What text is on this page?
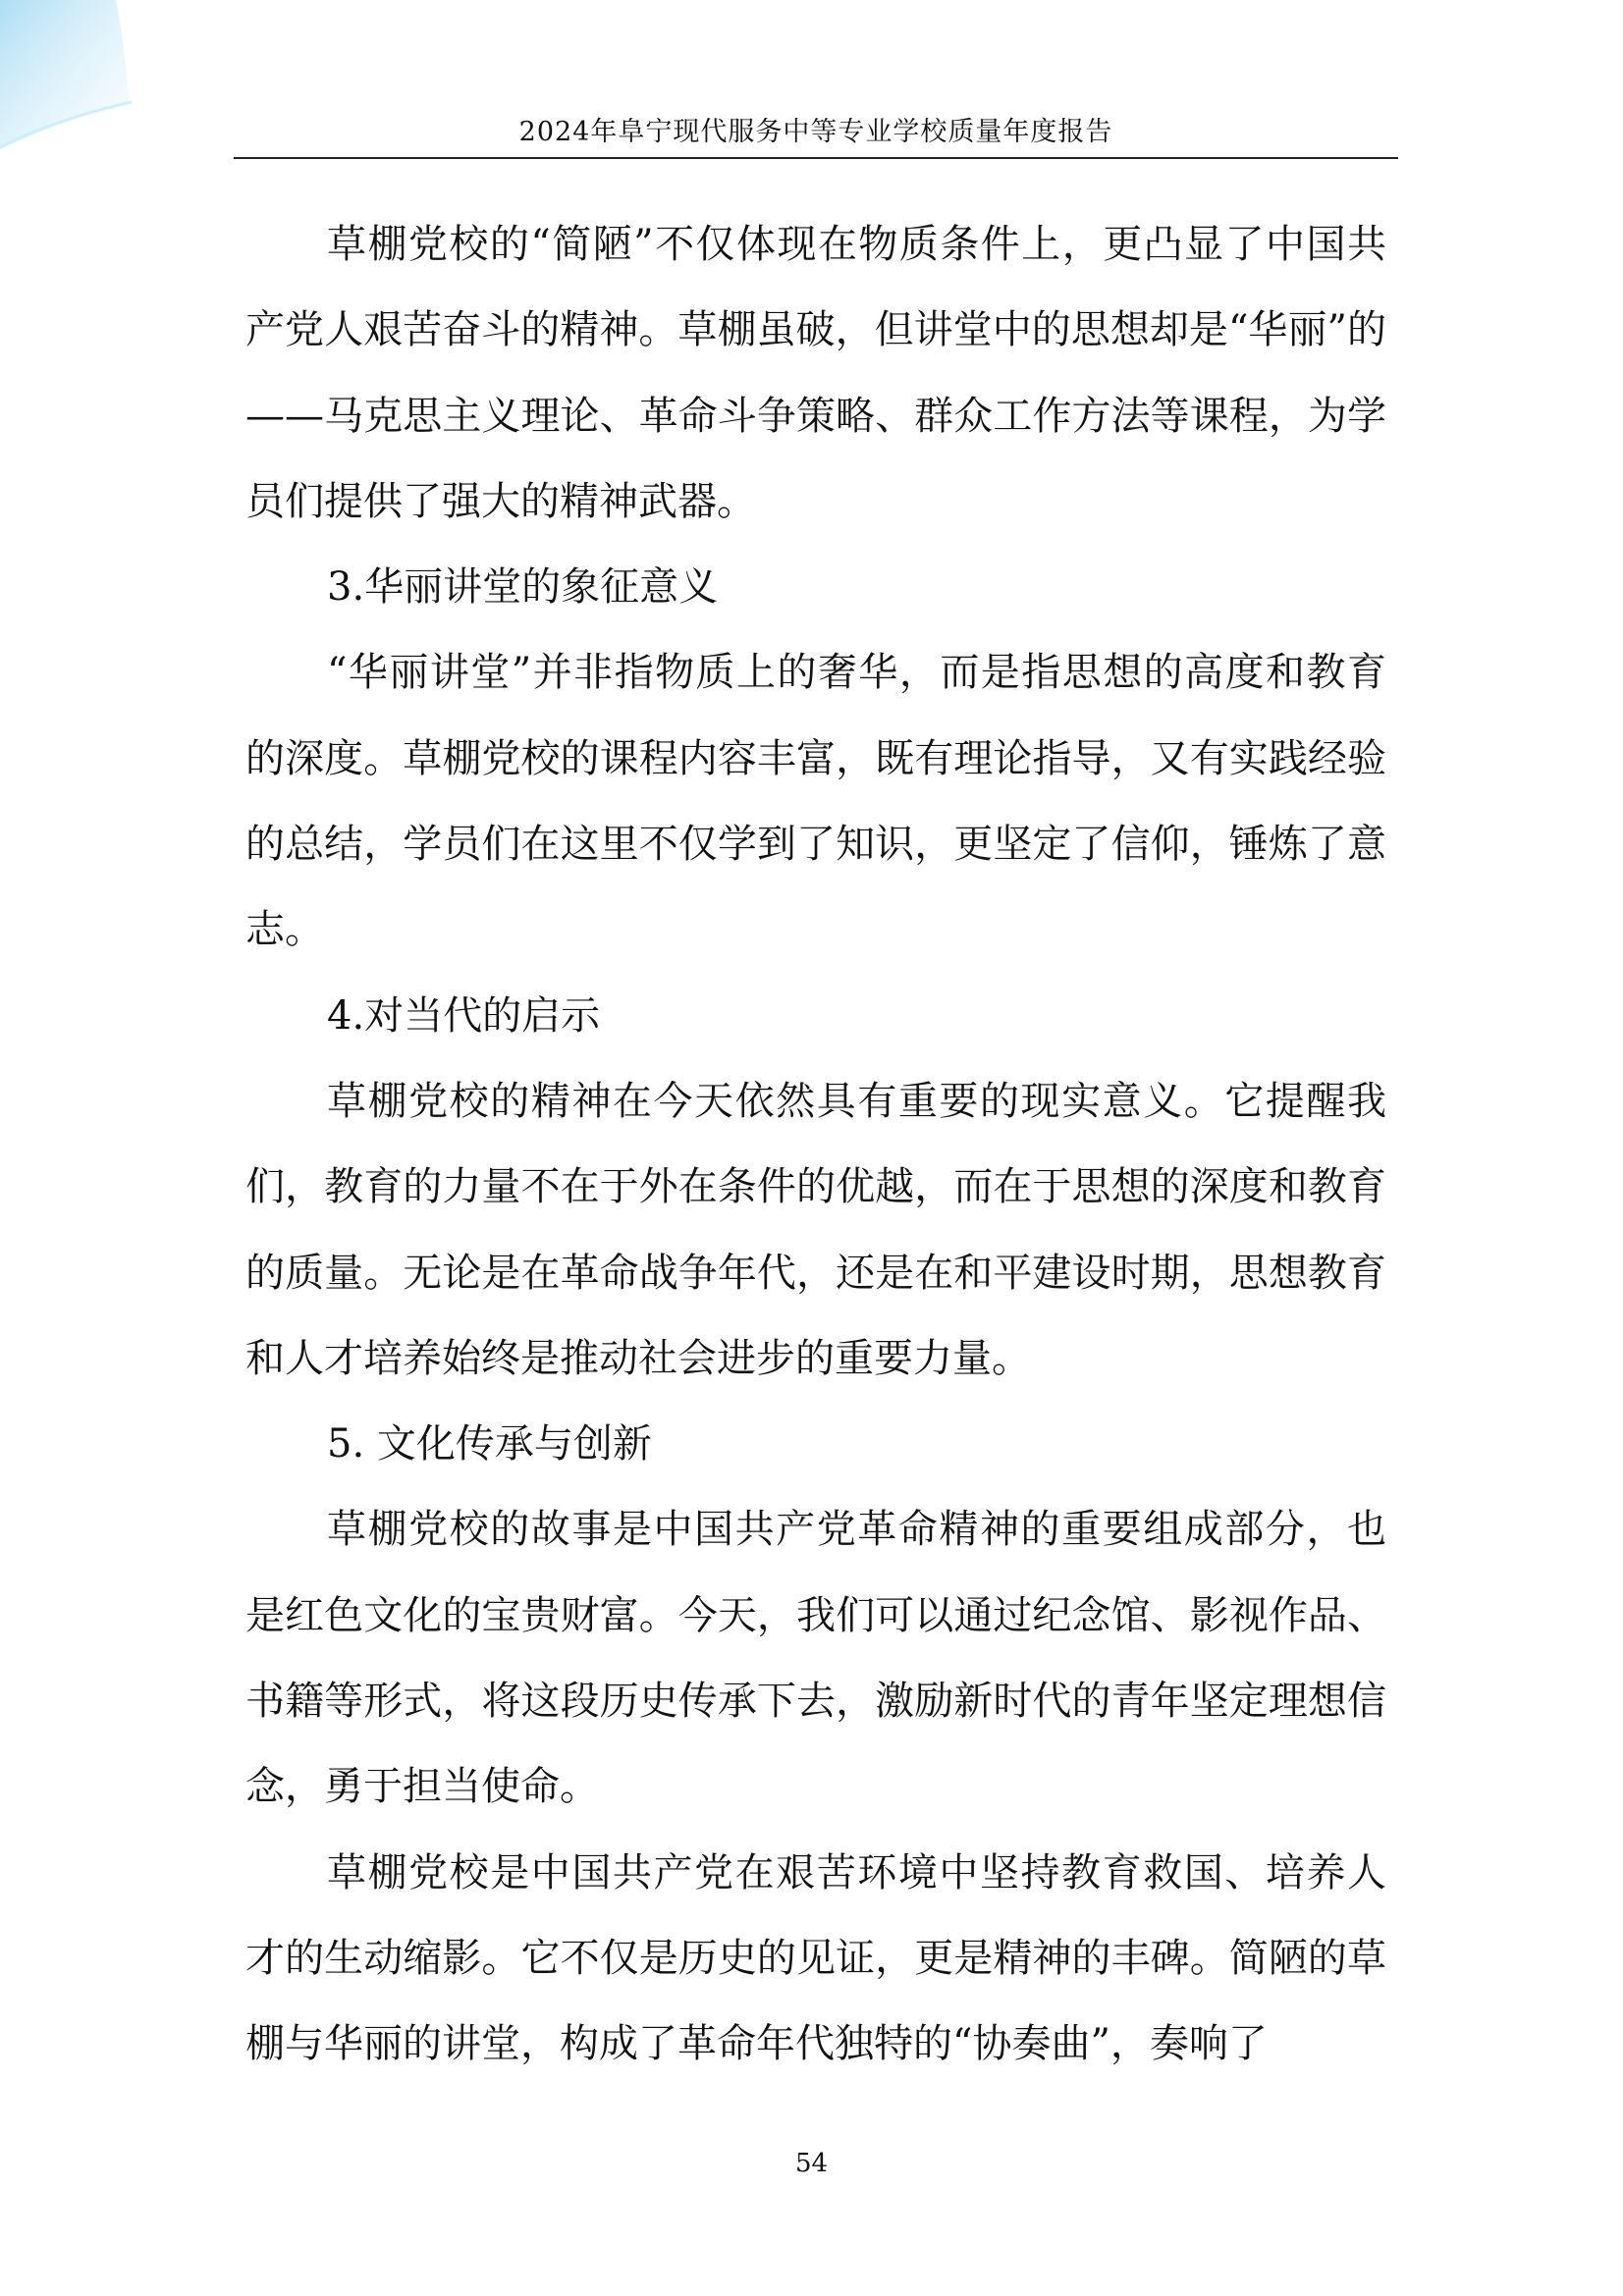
2024年阜宁现代服务中等专业学校质量年度报告

草棚党校的“简陋”不仅体现在物质条件上，更凸显了中国共产党人艰苦奋斗的精神。草棚虽破，但讲堂中的思想却是“华丽”的——马克思主义理论、革命斗争策略、群众工作方法等课程，为学员们提供了强大的精神武器。

3.华丽讲堂的象征意义

“华丽讲堂”并非指物质上的奢华，而是指思想的高度和教育的深度。草棚党校的课程内容丰富，既有理论指导，又有实践经验的总结，学员们在这里不仅学到了知识，更坚定了信仰，锤炼了意志。

4.对当代的启示

草棚党校的精神在今天依然具有重要的现实意义。它提醒我们，教育的力量不在于外在条件的优越，而在于思想的深度和教育的质量。无论是在革命战争年代，还是在和平建设时期，思想教育和人才培养始终是推动社会进步的重要力量。

5. 文化传承与创新

草棚党校的故事是中国共产党革命精神的重要组成部分，也是红色文化的宝贵财富。今天，我们可以通过纪念馆、影视作品、书籍等形式，将这段历史传承下去，激励新时代的青年坚定理想信念，勇于担当使命。

草棚党校是中国共产党在艰苦环境中坚持教育救国、培养人才的生动缩影。它不仅是历史的见证，更是精神的丰碑。简陋的草棚与华丽的讲堂，构成了革命年代独特的“协奏曲”，奏响了

54
